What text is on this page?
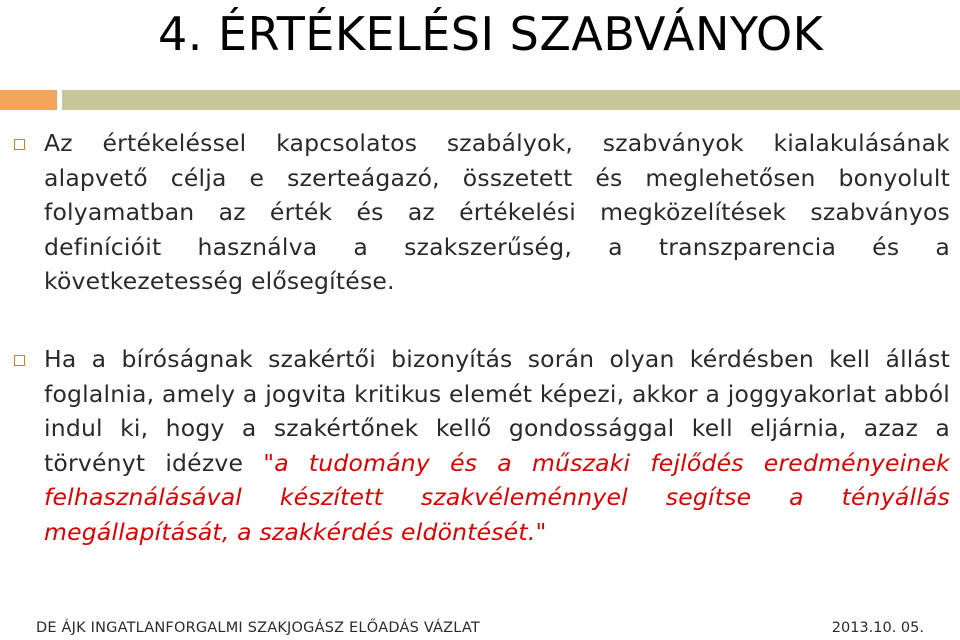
4. ÉRTÉKELÉSI SZABVÁNYOK
Az értékeléssel kapcsolatos szabályok, szabványok kialakulásának alapvető célja e szerteágazó, összetett és meglehetősen bonyolult folyamatban az érték és az értékelési megközelítések szabványos definícióit használva a szakszerűség, a transzparencia és a következetesség elősegítése.
Ha a bíróságnak szakértői bizonyítás során olyan kérdésben kell állást foglalnia, amely a jogvita kritikus elemét képezi, akkor a joggyakorlat abból indul ki, hogy a szakértőnek kellő gondossággal kell eljárnia, azaz a törvényt idézve "a tudomány és a műszaki fejlődés eredményeinek felhasználásával készített szakvéleménnyel segítse a tényállás megállapítását, a szakkérdés eldöntését."
DE ÁJK INGATLANFORGALMI SZAKJOGÁSZ ELŐADÁS VÁZLAT	2013.10. 05.
